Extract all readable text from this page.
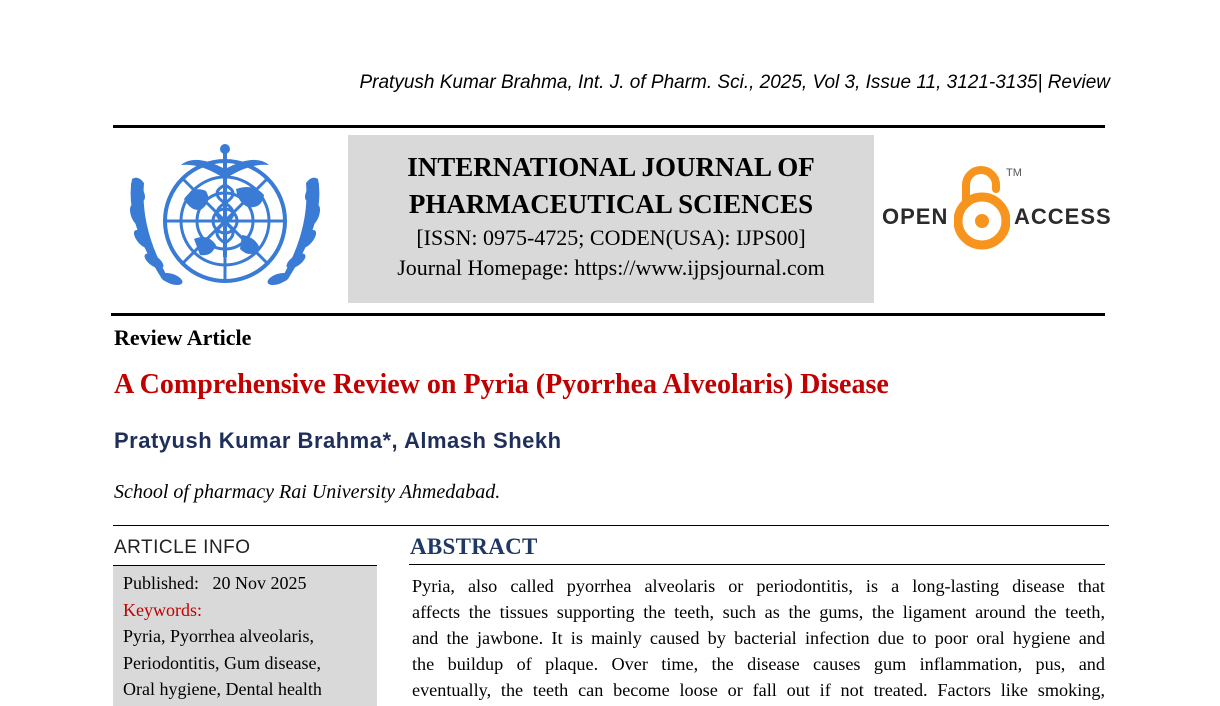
Pratyush Kumar Brahma, Int. J. of Pharm. Sci., 2025, Vol 3, Issue 11, 3121-3135| Review
INTERNATIONAL JOURNAL OF
PHARMACEUTICAL SCIENCES
[ISSN: 0975-4725; CODEN(USA): IJPS00]
Journal Homepage: https://www.ijpsjournal.com
OPEN
TM
ACCESS
Review Article
A Comprehensive Review on Pyria (Pyorrhea Alveolaris) Disease
Pratyush Kumar Brahma*, Almash Shekh
School of pharmacy Rai University Ahmedabad.
ARTICLE INFO
Published: 20 Nov 2025
Keywords:
Pyria, Pyorrhea alveolaris,
Periodontitis, Gum disease,
Oral hygiene, Dental health
ABSTRACT
Pyria, also called pyorrhea alveolaris or periodontitis, is a long-lasting disease that
affects the tissues supporting the teeth, such as the gums, the ligament around the teeth,
and the jawbone. It is mainly caused by bacterial infection due to poor oral hygiene and
the buildup of plaque. Over time, the disease causes gum inflammation, pus, and
eventually, the teeth can become loose or fall out if not treated. Factors like smoking,
